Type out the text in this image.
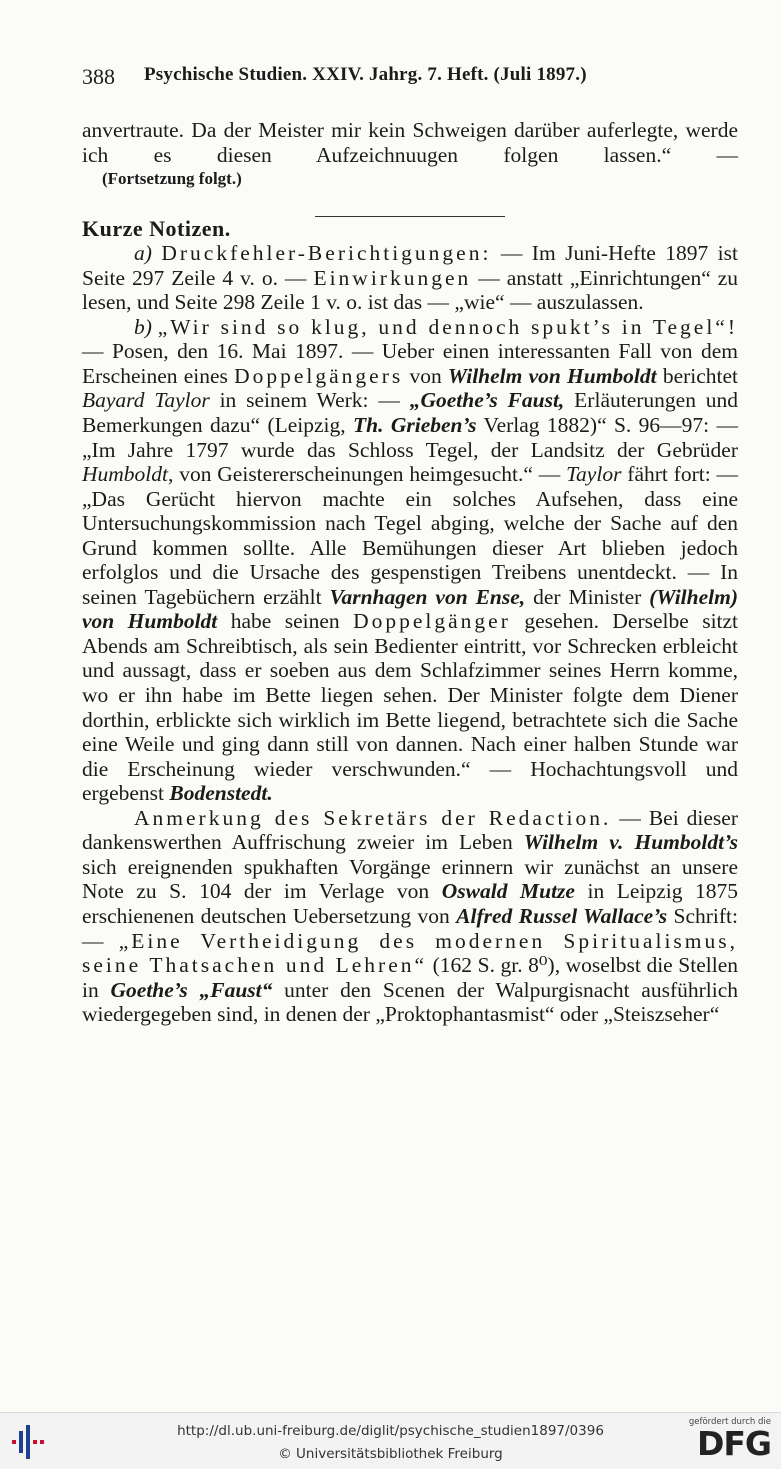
388 Psychische Studien. XXIV. Jahrg. 7. Heft. (Juli 1897.)

anvertraute. Da der Meister mir kein Schweigen darüber auferlegte, werde ich es diesen Aufzeichnuugen folgen lassen.“ —

(Fortsetzung folgt.)

Kurze Notizen.

a) Druckfehler-Berichtigungen: — Im Juni-Hefte 1897 ist Seite 297 Zeile 4 v. o. — Einwirkungen — anstatt „Einrichtungen“ zu lesen, und Seite 298 Zeile 1 v. o. ist das — „wie“ — auszulassen.

b) „Wir sind so klug, und dennoch spukt’s in Tegel“! — Posen, den 16. Mai 1897. — Ueber einen interessanten Fall von dem Erscheinen eines Doppelgängers von Wilhelm von Humboldt berichtet Bayard Taylor in seinem Werk: — „Goethe’s Faust, Erläuterungen und Bemerkungen dazu“ (Leipzig, Th. Grieben’s Verlag 1882)“ S. 96—97: — „Im Jahre 1797 wurde das Schloss Tegel, der Landsitz der Gebrüder Humboldt, von Geistererscheinungen heimgesucht.“ — Taylor fährt fort: — „Das Gerücht hiervon machte ein solches Aufsehen, dass eine Untersuchungskommission nach Tegel abging, welche der Sache auf den Grund kommen sollte. Alle Bemühungen dieser Art blieben jedoch erfolglos und die Ursache des gespenstigen Treibens unentdeckt. — In seinen Tagebüchern erzählt Varnhagen von Ense, der Minister (Wilhelm) von Humboldt habe seinen Doppelgänger gesehen. Derselbe sitzt Abends am Schreibtisch, als sein Bedienter eintritt, vor Schrecken erbleicht und aussagt, dass er soeben aus dem Schlafzimmer seines Herrn komme, wo er ihn habe im Bette liegen sehen. Der Minister folgte dem Diener dorthin, erblickte sich wirklich im Bette liegend, betrachtete sich die Sache eine Weile und ging dann still von dannen. Nach einer halben Stunde war die Erscheinung wieder verschwunden.“ — Hochachtungsvoll und ergebenst Bodenstedt.

Anmerkung des Sekretärs der Redaction. — Bei dieser dankenswerthen Auffrischung zweier im Leben Wilhelm v. Humboldt’s sich ereignenden spukhaften Vorgänge erinnern wir zunächst an unsere Note zu S. 104 der im Verlage von Oswald Mutze in Leipzig 1875 erschienenen deutschen Uebersetzung von Alfred Russel Wallace’s Schrift: — „Eine Vertheidigung des modernen Spiritualismus, seine Thatsachen und Lehren“ (162 S. gr. 8⁰), woselbst die Stellen in Goethe’s „Faust“ unter den Scenen der Walpurgisnacht ausführlich wiedergegeben sind, in denen der „Proktophantasmist“ oder „Steiszseher“

http://dl.ub.uni-freiburg.de/diglit/psychische_studien1897/0396
© Universitätsbibliothek Freiburg
gefördert durch die
DFG
